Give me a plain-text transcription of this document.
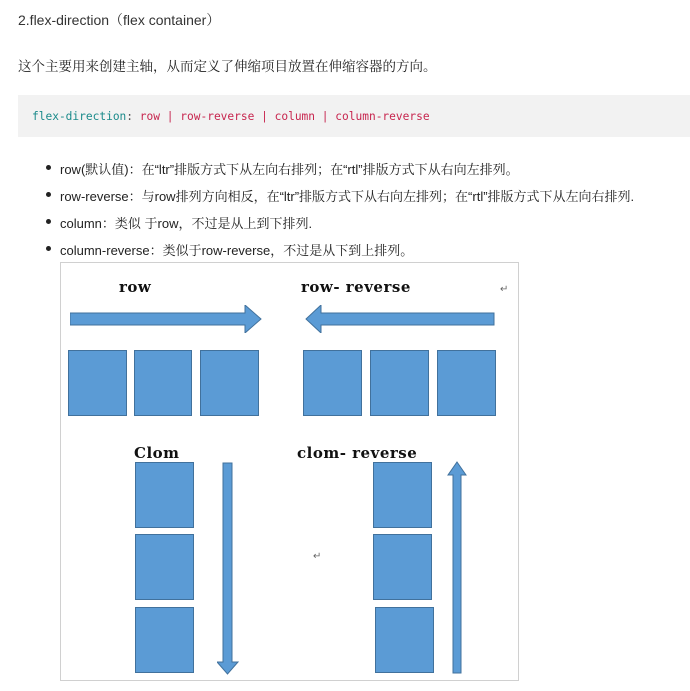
2.flex-direction（flex container）
这个主要用来创建主轴，从而定义了伸缩项目放置在伸缩容器的方向。
flex-direction: row | row-reverse | column | column-reverse
row(默认值)：在“ltr”排版方式下从左向右排列；在“rtl”排版方式下从右向左排列。
row-reverse：与row排列方向相反，在“ltr”排版方式下从右向左排列；在“rtl”排版方式下从左向右排列.
column：类似 于row，不过是从上到下排列.
column-reverse：类似于row-reverse，不过是从下到上排列。
row	row- reverse	↵
Clom	clom- reverse
↵
